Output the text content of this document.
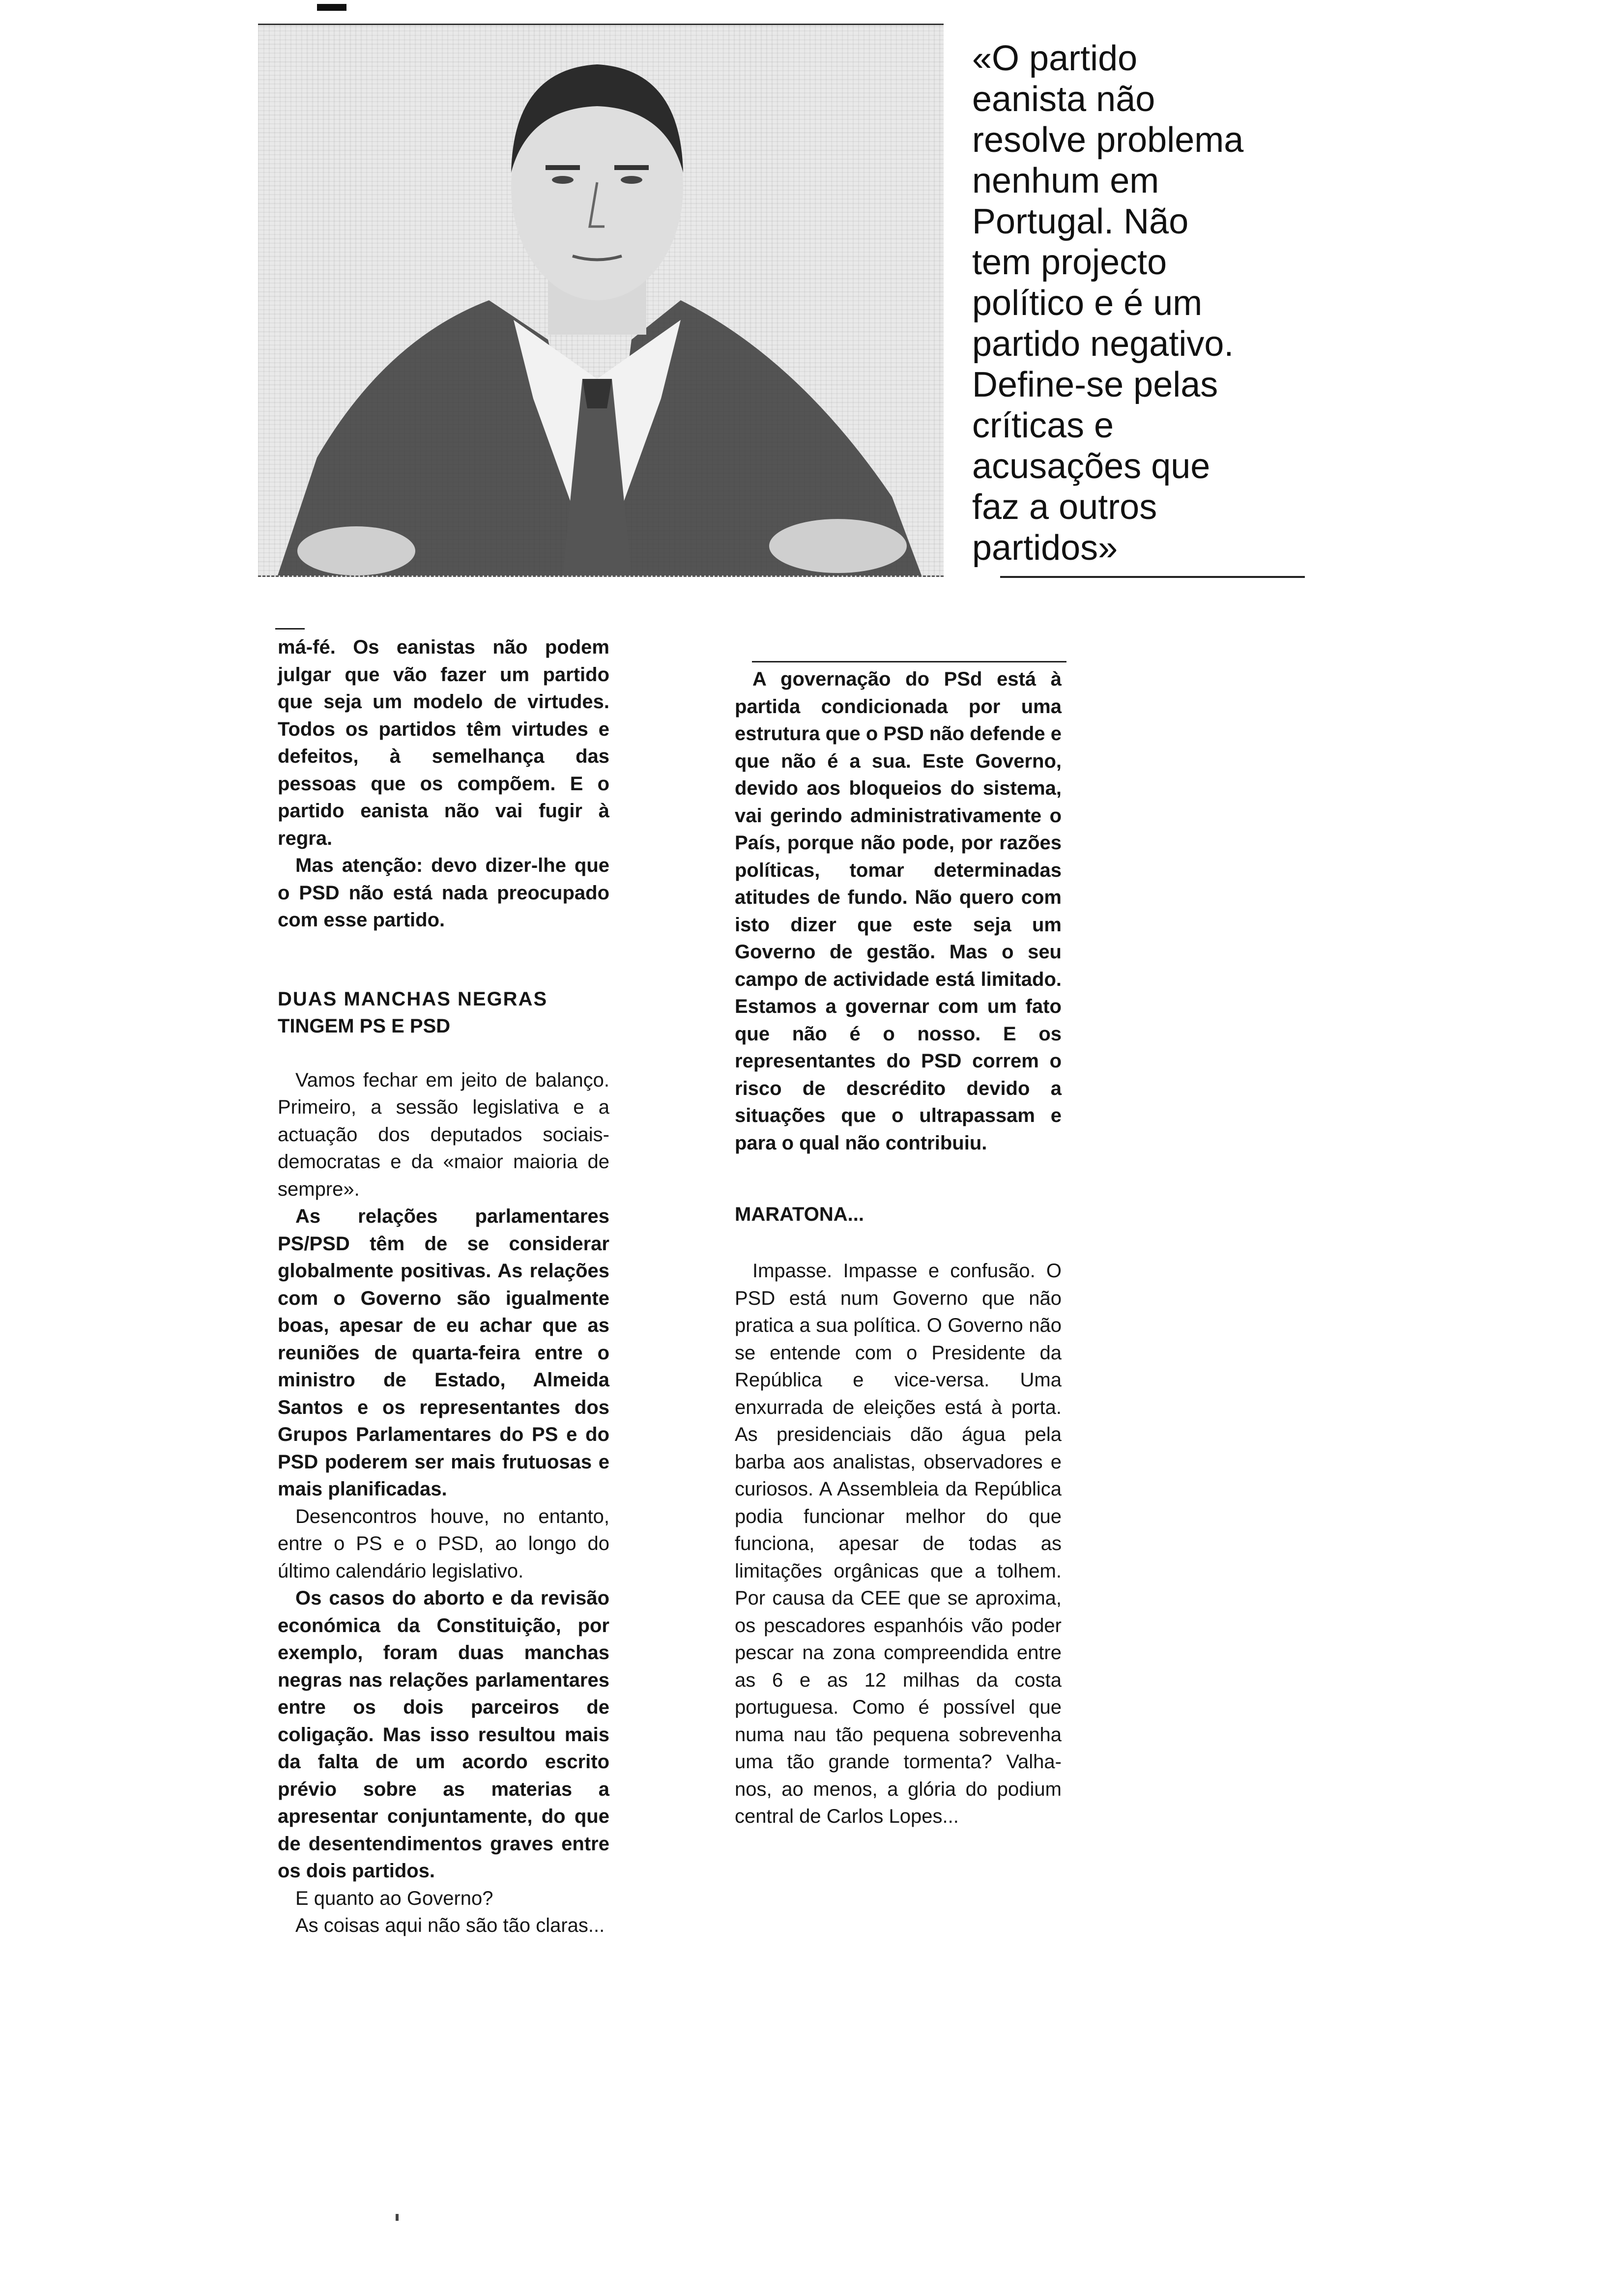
«O partido
eanista não
resolve problema
nenhum em
Portugal. Não
tem projecto
político e é um
partido negativo.
Define-se pelas
críticas e
acusações que
faz a outros
partidos»

má-fé. Os eanistas não podem julgar que vão fazer um partido que seja um modelo de virtudes. Todos os partidos têm virtudes e defeitos, à semelhança das pessoas que os compõem. E o partido eanista não vai fugir à regra.

Mas atenção: devo dizer-lhe que o PSD não está nada preocupado com esse partido.

DUAS MANCHAS NEGRAS

TINGEM PS E PSD

Vamos fechar em jeito de balanço. Primeiro, a sessão legislativa e a actuação dos deputados sociais-democratas e da «maior maioria de sempre».

As relações parlamentares PS/PSD têm de se considerar globalmente positivas. As relações com o Governo são igualmente boas, apesar de eu achar que as reuniões de quarta-feira entre o ministro de Estado, Almeida Santos e os representantes dos Grupos Parlamentares do PS e do PSD poderem ser mais frutuosas e mais planificadas.

Desencontros houve, no entanto, entre o PS e o PSD, ao longo do último calendário legislativo.

Os casos do aborto e da revisão económica da Constituição, por exemplo, foram duas manchas negras nas relações parlamentares entre os dois parceiros de coligação. Mas isso resultou mais da falta de um acordo escrito prévio sobre as materias a apresentar conjuntamente, do que de desentendimentos graves entre os dois partidos.

E quanto ao Governo?

As coisas aqui não são tão claras...

A governação do PSd está à partida condicionada por uma estrutura que o PSD não defende e que não é a sua. Este Governo, devido aos bloqueios do sistema, vai gerindo administrativamente o País, porque não pode, por razões políticas, tomar determinadas atitudes de fundo. Não quero com isto dizer que este seja um Governo de gestão. Mas o seu campo de actividade está limitado. Estamos a governar com um fato que não é o nosso. E os representantes do PSD correm o risco de descrédito devido a situações que o ultrapassam e para o qual não contribuiu.

MARATONA...

Impasse. Impasse e confusão. O PSD está num Governo que não pratica a sua política. O Governo não se entende com o Presidente da República e vice-versa. Uma enxurrada de eleições está à porta. As presidenciais dão água pela barba aos analistas, observadores e curiosos. A Assembleia da República podia funcionar melhor do que funciona, apesar de todas as limitações orgânicas que a tolhem. Por causa da CEE que se aproxima, os pescadores espanhóis vão poder pescar na zona compreendida entre as 6 e as 12 milhas da costa portuguesa. Como é possível que numa nau tão pequena sobrevenha uma tão grande tormenta? Valha-nos, ao menos, a glória do podium central de Carlos Lopes...
